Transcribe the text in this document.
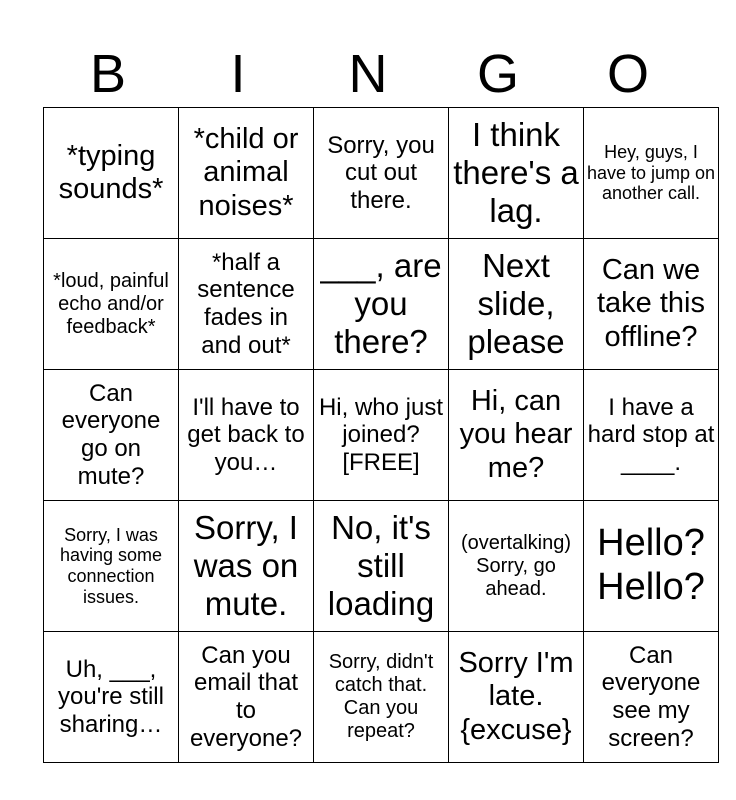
B	I	N	G	O
*typing sounds*	*child or animal noises*	Sorry, you cut out there.	I think there's a lag.	Hey, guys, I have to jump on another call.
*loud, painful echo and/or feedback*	*half a sentence fades in and out*	___, are you there?	Next slide, please	Can we take this offline?
Can everyone go on mute?	I'll have to get back to you…	Hi, who just joined? [FREE]	Hi, can you hear me?	I have a hard stop at ____.
Sorry, I was having some connection issues.	Sorry, I was on mute.	No, it's still loading	(overtalking) Sorry, go ahead.	Hello? Hello?
Uh, ___, you're still sharing…	Can you email that to everyone?	Sorry, didn't catch that. Can you repeat?	Sorry I'm late. {excuse}	Can everyone see my screen?
